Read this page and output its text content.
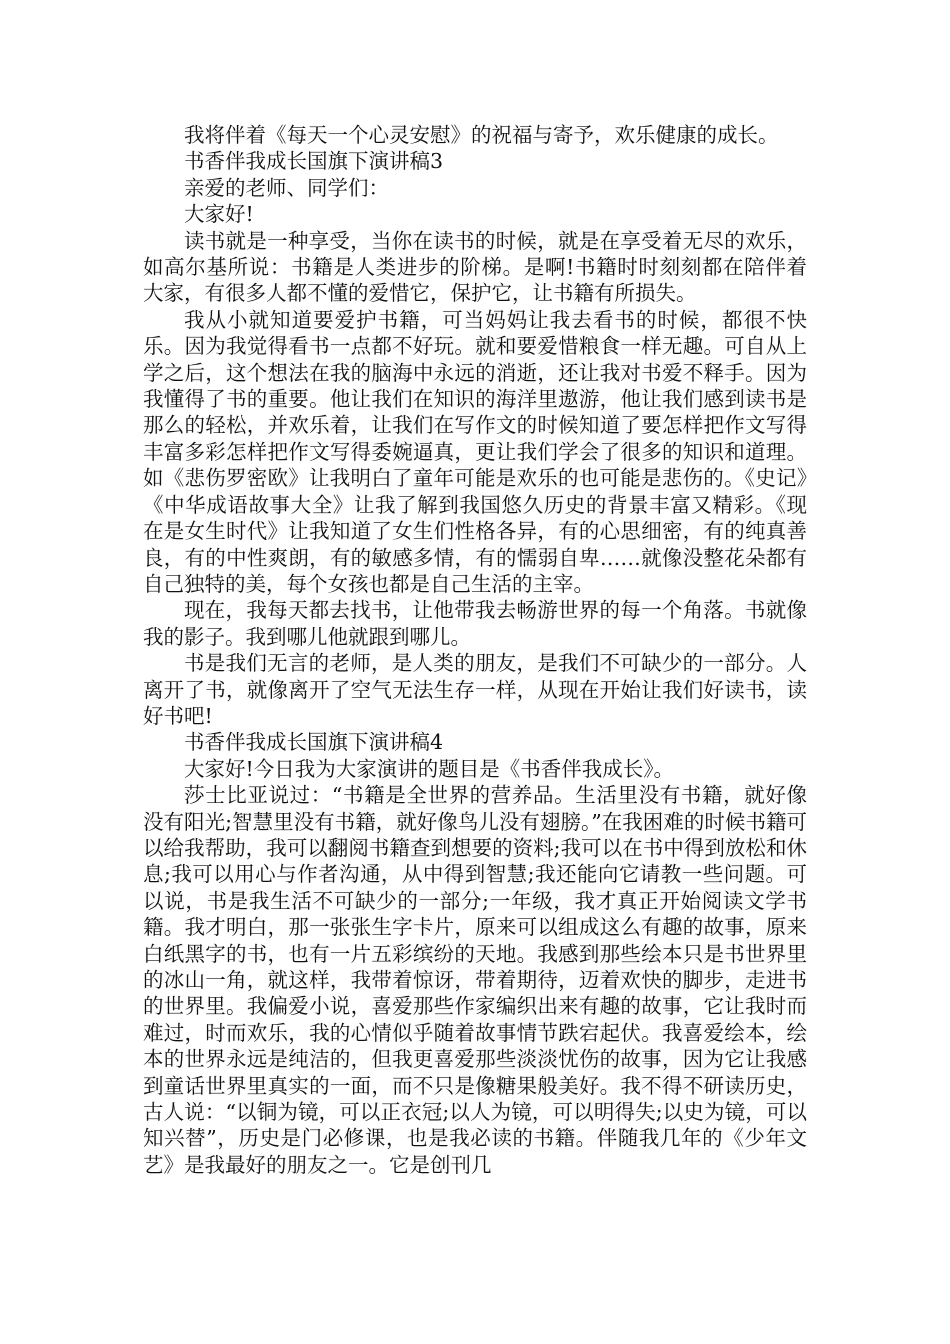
我将伴着《每天一个心灵安慰》的祝福与寄予，欢乐健康的成长。

书香伴我成长国旗下演讲稿3

亲爱的老师、同学们：

大家好!

读书就是一种享受，当你在读书的时候，就是在享受着无尽的欢乐，如高尔基所说：书籍是人类进步的阶梯。是啊!书籍时时刻刻都在陪伴着大家，有很多人都不懂的爱惜它，保护它，让书籍有所损失。

我从小就知道要爱护书籍，可当妈妈让我去看书的时候，都很不快乐。因为我觉得看书一点都不好玩。就和要爱惜粮食一样无趣。可自从上学之后，这个想法在我的脑海中永远的消逝，还让我对书爱不释手。因为我懂得了书的重要。他让我们在知识的海洋里遨游，他让我们感到读书是那么的轻松，并欢乐着，让我们在写作文的时候知道了要怎样把作文写得丰富多彩怎样把作文写得委婉逼真，更让我们学会了很多的知识和道理。如《悲伤罗密欧》让我明白了童年可能是欢乐的也可能是悲伤的。《史记》《中华成语故事大全》让我了解到我国悠久历史的背景丰富又精彩。《现在是女生时代》让我知道了女生们性格各异，有的心思细密，有的纯真善良，有的中性爽朗，有的敏感多情，有的懦弱自卑……就像没整花朵都有自己独特的美，每个女孩也都是自己生活的主宰。

现在，我每天都去找书，让他带我去畅游世界的每一个角落。书就像我的影子。我到哪儿他就跟到哪儿。

书是我们无言的老师，是人类的朋友，是我们不可缺少的一部分。人离开了书，就像离开了空气无法生存一样，从现在开始让我们好读书，读好书吧!

书香伴我成长国旗下演讲稿4

大家好!今日我为大家演讲的题目是《书香伴我成长》。

莎士比亚说过：“书籍是全世界的营养品。生活里没有书籍，就好像没有阳光;智慧里没有书籍，就好像鸟儿没有翅膀。”在我困难的时候书籍可以给我帮助，我可以翻阅书籍查到想要的资料;我可以在书中得到放松和休息;我可以用心与作者沟通，从中得到智慧;我还能向它请教一些问题。可以说，书是我生活不可缺少的一部分;一年级，我才真正开始阅读文学书籍。我才明白，那一张张生字卡片，原来可以组成这么有趣的故事，原来白纸黑字的书，也有一片五彩缤纷的天地。我感到那些绘本只是书世界里的冰山一角，就这样，我带着惊讶，带着期待，迈着欢快的脚步，走进书的世界里。我偏爱小说，喜爱那些作家编织出来有趣的故事，它让我时而难过，时而欢乐，我的心情似乎随着故事情节跌宕起伏。我喜爱绘本，绘本的世界永远是纯洁的，但我更喜爱那些淡淡忧伤的故事，因为它让我感到童话世界里真实的一面，而不只是像糖果般美好。我不得不研读历史，古人说：“以铜为镜，可以正衣冠;以人为镜，可以明得失;以史为镜，可以知兴替”，历史是门必修课，也是我必读的书籍。伴随我几年的《少年文艺》是我最好的朋友之一。它是创刊几
